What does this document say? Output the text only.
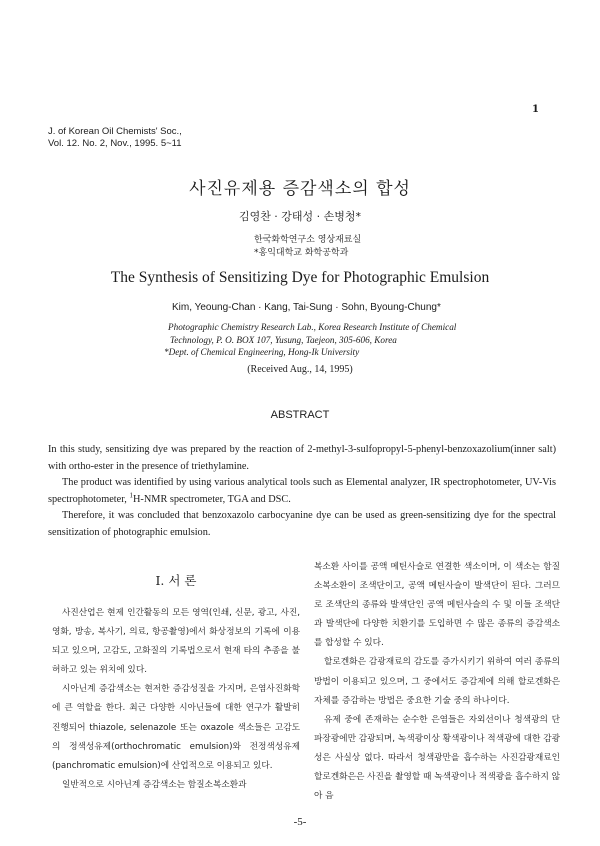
1
J. of Korean Oil Chemists' Soc.,
Vol. 12. No. 2, Nov., 1995. 5~11
사진유제용 증감색소의 합성
김영찬 · 강태성 · 손병청*
한국화학연구소 영상재료실
*홍익대학교 화학공학과
The Synthesis of Sensitizing Dye for Photographic Emulsion
Kim, Yeoung-Chan · Kang, Tai-Sung · Sohn, Byoung-Chung*
Photographic Chemistry Research Lab., Korea Research Institute of Chemical
Technology, P. O. BOX 107, Yusung, Taejeon, 305-606, Korea
*Dept. of Chemical Engineering, Hong-Ik University
(Received Aug., 14, 1995)
ABSTRACT

In this study, sensitizing dye was prepared by the reaction of 2-methyl-3-sulfopropyl-5-phenyl-benzoxazolium(inner salt) with ortho-ester in the presence of triethylamine.

The product was identified by using various analytical tools such as Elemental analyzer, IR spectrophotometer, UV-Vis spectrophotometer, $^1$H-NMR spectrometer, TGA and DSC.

Therefore, it was concluded that benzoxazolo carbocyanine dye can be used as green-sensitizing dye for the spectral sensitization of photographic emulsion.

I. 서 론

사진산업은 현제 인간활동의 모든 영역(인쇄, 신문, 광고, 사진, 영화, 방송, 복사기, 의료, 항공촬영)에서 화상정보의 기록에 이용되고 있으며, 고감도, 고화질의 기록법으로서 현재 타의 추종을 불허하고 있는 위치에 있다.

시아닌계 증감색소는 현저한 증감성질을 가지며, 은염사진화학에 큰 역할을 한다. 최근 다양한 시아닌들에 대한 연구가 활발히 진행되어 thiazole, selenazole 또는 oxazole 색소들은 고감도의 정색성유제(orthochromatic emulsion)와 전정색성유제(panchromatic emulsion)에 산업적으로 이용되고 있다.

일반적으로 시아닌계 증감색소는 함질소복소환과

복소환 사이를 공액 메틴사슬로 연결한 색소이며, 이 색소는 함질소복소환이 조색단이고, 공액 메틴사슬이 발색단이 된다. 그러므로 조색단의 종류와 발색단인 공액 메틴사슬의 수 및 이들 조색단과 발색단에 다양한 치환기를 도입하면 수 많은 종류의 증감색소를 합성할 수 있다.

할로겐화은 감광재료의 감도를 증가시키기 위하여 여러 종류의 방법이 이용되고 있으며, 그 중에서도 증감제에 의해 할로겐화은 자체를 증감하는 방법은 중요한 기술 중의 하나이다.

유제 중에 존재하는 순수한 은염들은 자외선이나 청색광의 단파장광에만 감광되며, 녹색광이상 황색광이나 적색광에 대한 감광성은 사실상 없다. 따라서 청색광만을 흡수하는 사진감광재료인 할로겐화은은 사진을 촬영할 때 녹색광이나 적색광을 흡수하지 않아 음

-5-
